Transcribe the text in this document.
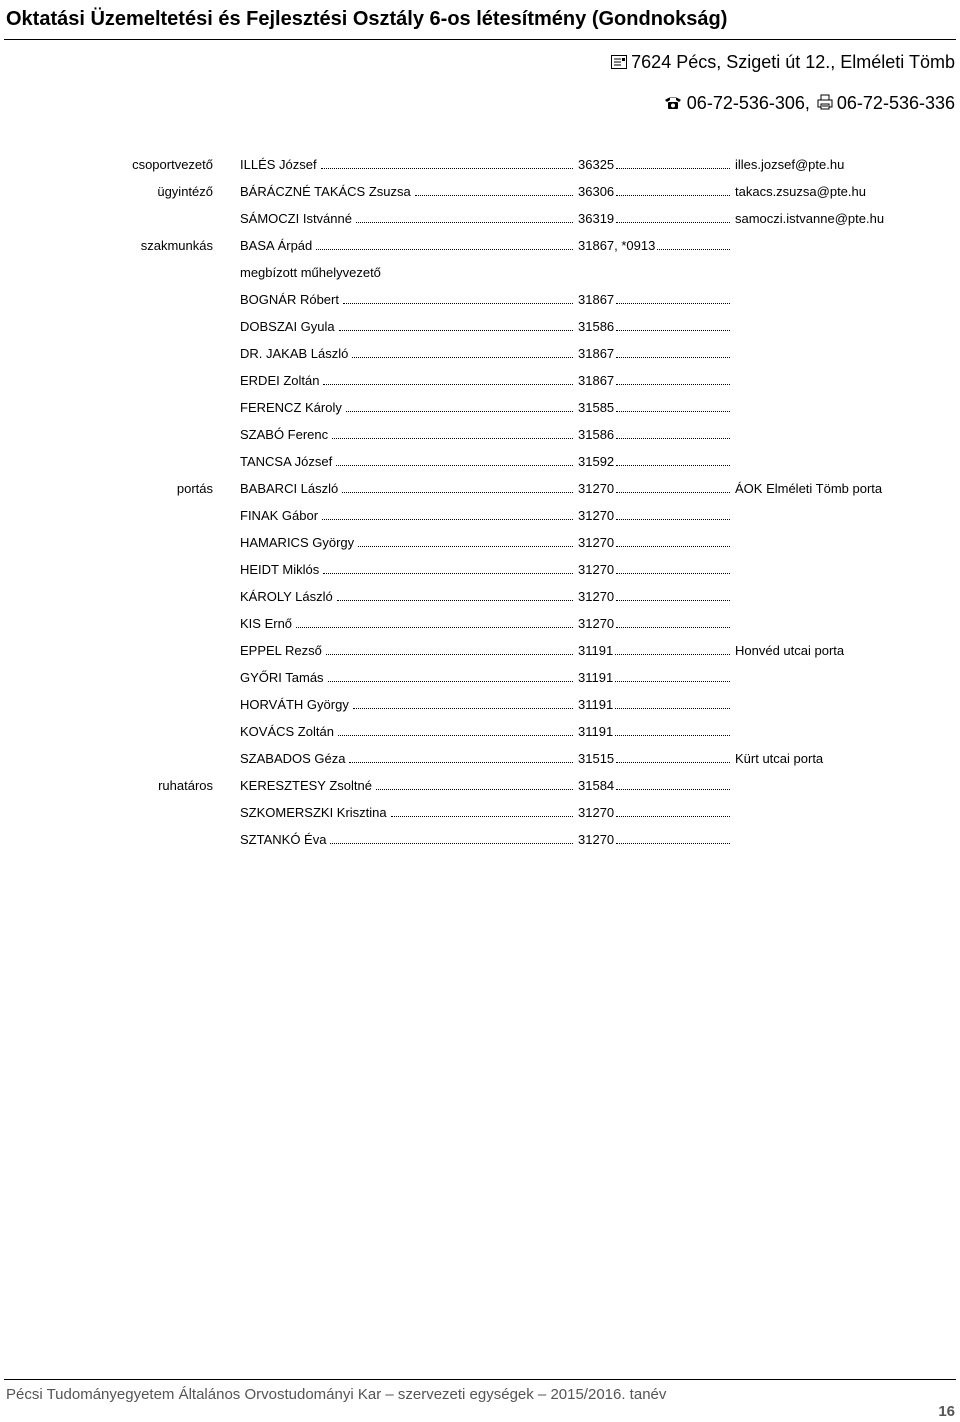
Oktatási Üzemeltetési és Fejlesztési Osztály 6-os létesítmény (Gondnokság)
7624 Pécs, Szigeti út 12., Elméleti Tömb
06-72-536-306, 06-72-536-336
csoportvezető ILLÉS József	36325	illes.jozsef@pte.hu
ügyintéző BÁRÁCZNÉ TAKÁCS Zsuzsa	36306	takacs.zsuzsa@pte.hu
SÁMOCZI Istvánné	36319	samoczi.istvanne@pte.hu
szakmunkás BASA Árpád	31867, *0913
megbízott műhelyvezető
BOGNÁR Róbert	31867
DOBSZAI Gyula	31586
DR. JAKAB László	31867
ERDEI Zoltán	31867
FERENCZ Károly	31585
SZABÓ Ferenc	31586
TANCSA József	31592
portás BABARCI László	31270	ÁOK Elméleti Tömb porta
FINAK Gábor	31270
HAMARICS György	31270
HEIDT Miklós	31270
KÁROLY László	31270
KIS Ernő	31270
EPPEL Rezső	31191	Honvéd utcai porta
GYŐRI Tamás	31191
HORVÁTH György	31191
KOVÁCS Zoltán	31191
SZABADOS Géza	31515	Kürt utcai porta
ruhatáros KERESZTESY Zsoltné	31584
SZKOMERSZKI Krisztina	31270
SZTANKÓ Éva	31270
Pécsi Tudományegyetem Általános Orvostudományi Kar – szervezeti egységek – 2015/2016. tanév
16
